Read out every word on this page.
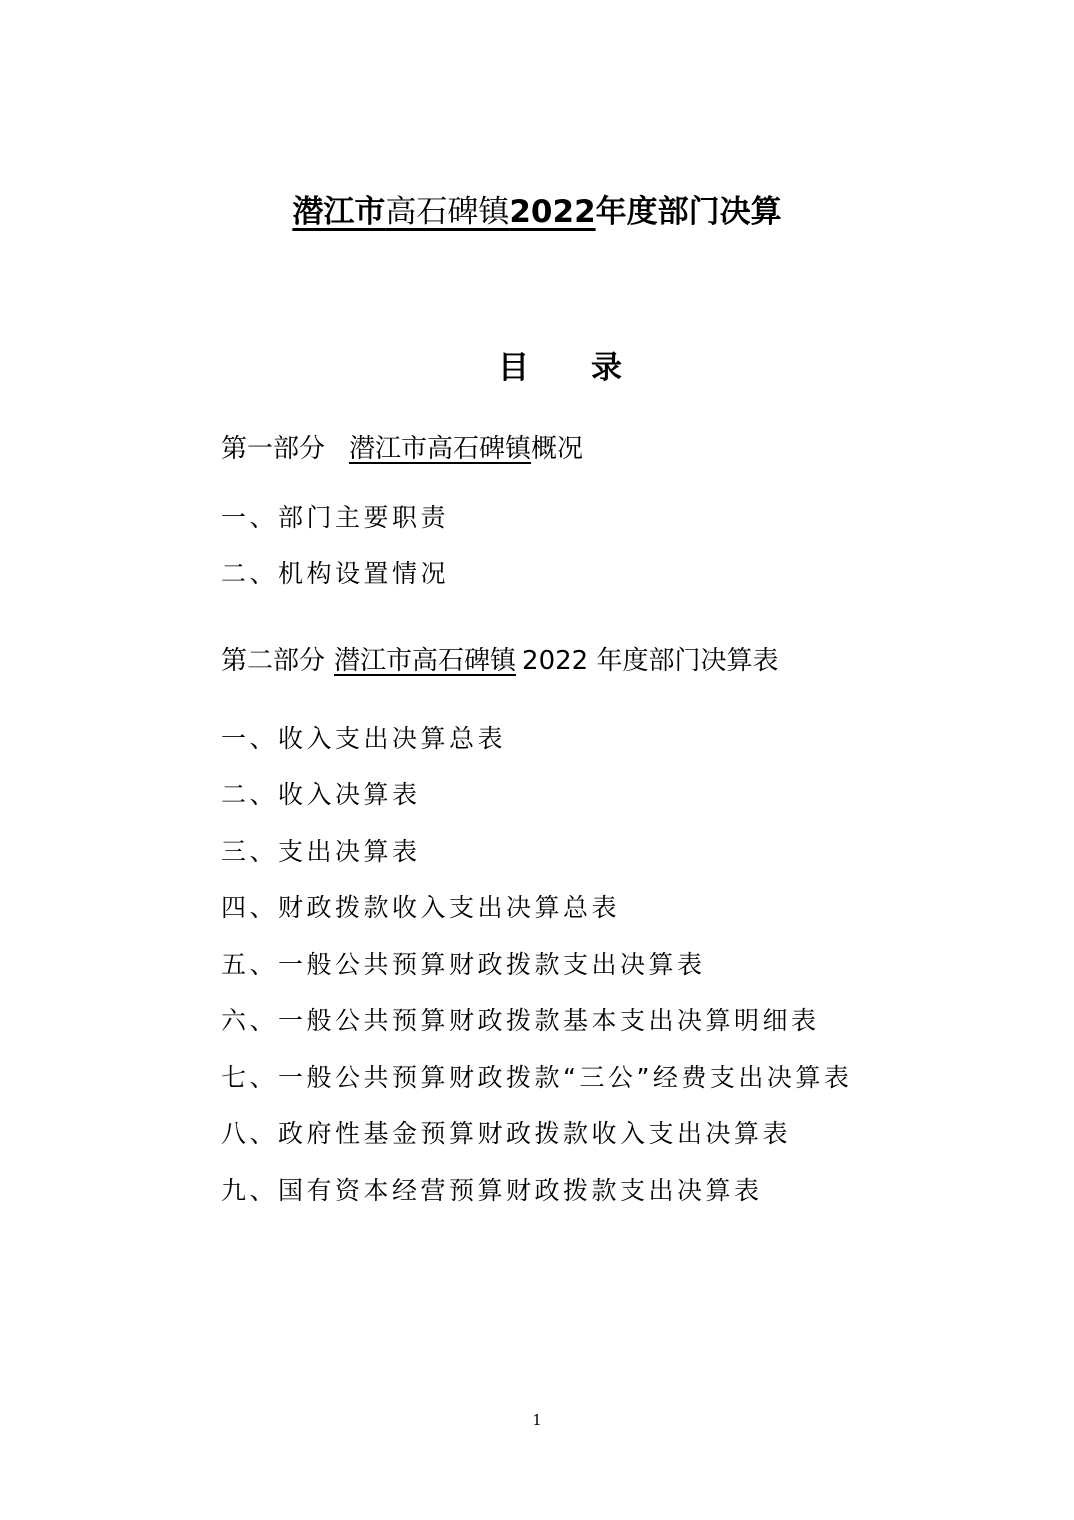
潜江市高石碑镇2022年度部门决算
目录
第一部分 潜江市高石碑镇概况
一、部门主要职责
二、机构设置情况
第二部分 潜江市高石碑镇 2022 年度部门决算表
一、收入支出决算总表
二、收入决算表
三、支出决算表
四、财政拨款收入支出决算总表
五、一般公共预算财政拨款支出决算表
六、一般公共预算财政拨款基本支出决算明细表
七、一般公共预算财政拨款“三公”经费支出决算表
八、政府性基金预算财政拨款收入支出决算表
九、国有资本经营预算财政拨款支出决算表
1
